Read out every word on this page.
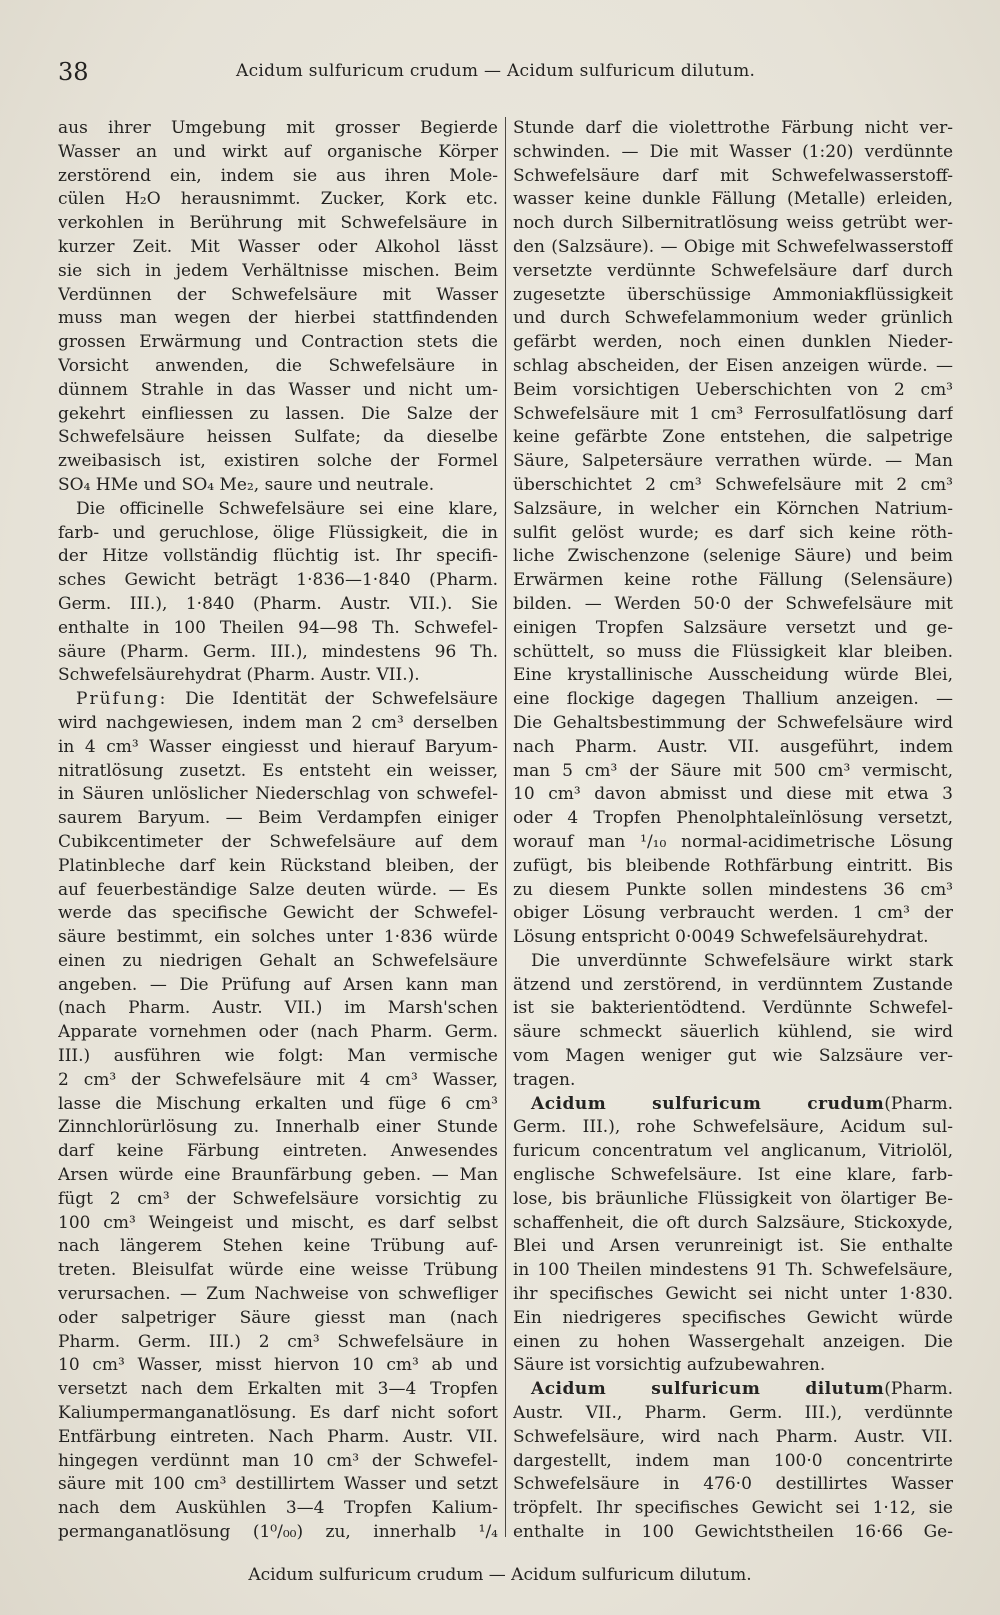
38	Acidum sulfuricum crudum — Acidum sulfuricum dilutum.
aus ihrer Umgebung mit grosser Begierde
Wasser an und wirkt auf organische Körper
zerstörend ein, indem sie aus ihren Mole-
cülen H₂O herausnimmt. Zucker, Kork etc.
verkohlen in Berührung mit Schwefelsäure in
kurzer Zeit. Mit Wasser oder Alkohol lässt
sie sich in jedem Verhältnisse mischen. Beim
Verdünnen der Schwefelsäure mit Wasser
muss man wegen der hierbei stattfindenden
grossen Erwärmung und Contraction stets die
Vorsicht anwenden, die Schwefelsäure in
dünnem Strahle in das Wasser und nicht um-
gekehrt einfliessen zu lassen. Die Salze der
Schwefelsäure heissen Sulfate; da dieselbe
zweibasisch ist, existiren solche der Formel
SO₄ HMe und SO₄ Me₂, saure und neutrale.
Die officinelle Schwefelsäure sei eine klare,
farb- und geruchlose, ölige Flüssigkeit, die in
der Hitze vollständig flüchtig ist. Ihr specifi-
sches Gewicht beträgt 1·836—1·840 (Pharm.
Germ. III.), 1·840 (Pharm. Austr. VII.). Sie
enthalte in 100 Theilen 94—98 Th. Schwefel-
säure (Pharm. Germ. III.), mindestens 96 Th.
Schwefelsäurehydrat (Pharm. Austr. VII.).
Prüfung: Die Identität der Schwefelsäure
wird nachgewiesen, indem man 2 cm³ derselben
in 4 cm³ Wasser eingiesst und hierauf Baryum-
nitratlösung zusetzt. Es entsteht ein weisser,
in Säuren unlöslicher Niederschlag von schwefel-
saurem Baryum. — Beim Verdampfen einiger
Cubikcentimeter der Schwefelsäure auf dem
Platinbleche darf kein Rückstand bleiben, der
auf feuerbeständige Salze deuten würde. — Es
werde das specifische Gewicht der Schwefel-
säure bestimmt, ein solches unter 1·836 würde
einen zu niedrigen Gehalt an Schwefelsäure
angeben. — Die Prüfung auf Arsen kann man
(nach Pharm. Austr. VII.) im Marsh'schen
Apparate vornehmen oder (nach Pharm. Germ.
III.) ausführen wie folgt: Man vermische
2 cm³ der Schwefelsäure mit 4 cm³ Wasser,
lasse die Mischung erkalten und füge 6 cm³
Zinnchlorürlösung zu. Innerhalb einer Stunde
darf keine Färbung eintreten. Anwesendes
Arsen würde eine Braunfärbung geben. — Man
fügt 2 cm³ der Schwefelsäure vorsichtig zu
100 cm³ Weingeist und mischt, es darf selbst
nach längerem Stehen keine Trübung auf-
treten. Bleisulfat würde eine weisse Trübung
verursachen. — Zum Nachweise von schwefliger
oder salpetriger Säure giesst man (nach
Pharm. Germ. III.) 2 cm³ Schwefelsäure in
10 cm³ Wasser, misst hiervon 10 cm³ ab und
versetzt nach dem Erkalten mit 3—4 Tropfen
Kaliumpermanganatlösung. Es darf nicht sofort
Entfärbung eintreten. Nach Pharm. Austr. VII.
hingegen verdünnt man 10 cm³ der Schwefel-
säure mit 100 cm³ destillirtem Wasser und setzt
nach dem Auskühlen 3—4 Tropfen Kalium-
permanganatlösung (1⁰/₀₀) zu, innerhalb ¹/₄
Stunde darf die violettrothe Färbung nicht ver-
schwinden. — Die mit Wasser (1:20) verdünnte
Schwefelsäure darf mit Schwefelwasserstoff-
wasser keine dunkle Fällung (Metalle) erleiden,
noch durch Silbernitratlösung weiss getrübt wer-
den (Salzsäure). — Obige mit Schwefelwasserstoff
versetzte verdünnte Schwefelsäure darf durch
zugesetzte überschüssige Ammoniakflüssigkeit
und durch Schwefelammonium weder grünlich
gefärbt werden, noch einen dunklen Nieder-
schlag abscheiden, der Eisen anzeigen würde. —
Beim vorsichtigen Ueberschichten von 2 cm³
Schwefelsäure mit 1 cm³ Ferrosulfatlösung darf
keine gefärbte Zone entstehen, die salpetrige
Säure, Salpetersäure verrathen würde. — Man
überschichtet 2 cm³ Schwefelsäure mit 2 cm³
Salzsäure, in welcher ein Körnchen Natrium-
sulfit gelöst wurde; es darf sich keine röth-
liche Zwischenzone (selenige Säure) und beim
Erwärmen keine rothe Fällung (Selensäure)
bilden. — Werden 50·0 der Schwefelsäure mit
einigen Tropfen Salzsäure versetzt und ge-
schüttelt, so muss die Flüssigkeit klar bleiben.
Eine krystallinische Ausscheidung würde Blei,
eine flockige dagegen Thallium anzeigen. —
Die Gehaltsbestimmung der Schwefelsäure wird
nach Pharm. Austr. VII. ausgeführt, indem
man 5 cm³ der Säure mit 500 cm³ vermischt,
10 cm³ davon abmisst und diese mit etwa 3
oder 4 Tropfen Phenolphtaleïnlösung versetzt,
worauf man ¹/₁₀ normal-acidimetrische Lösung
zufügt, bis bleibende Rothfärbung eintritt. Bis
zu diesem Punkte sollen mindestens 36 cm³
obiger Lösung verbraucht werden. 1 cm³ der
Lösung entspricht 0·0049 Schwefelsäurehydrat.
Die unverdünnte Schwefelsäure wirkt stark
ätzend und zerstörend, in verdünntem Zustande
ist sie bakterientödtend. Verdünnte Schwefel-
säure schmeckt säuerlich kühlend, sie wird
vom Magen weniger gut wie Salzsäure ver-
tragen.
Acidum sulfuricum crudum(Pharm.
Germ. III.), rohe Schwefelsäure, Acidum sul-
furicum concentratum vel anglicanum, Vitriolöl,
englische Schwefelsäure. Ist eine klare, farb-
lose, bis bräunliche Flüssigkeit von ölartiger Be-
schaffenheit, die oft durch Salzsäure, Stickoxyde,
Blei und Arsen verunreinigt ist. Sie enthalte
in 100 Theilen mindestens 91 Th. Schwefelsäure,
ihr specifisches Gewicht sei nicht unter 1·830.
Ein niedrigeres specifisches Gewicht würde
einen zu hohen Wassergehalt anzeigen. Die
Säure ist vorsichtig aufzubewahren.
Acidum sulfuricum dilutum(Pharm.
Austr. VII., Pharm. Germ. III.), verdünnte
Schwefelsäure, wird nach Pharm. Austr. VII.
dargestellt, indem man 100·0 concentrirte
Schwefelsäure in 476·0 destillirtes Wasser
tröpfelt. Ihr specifisches Gewicht sei 1·12, sie
enthalte in 100 Gewichtstheilen 16·66 Ge-
Acidum sulfuricum crudum — Acidum sulfuricum dilutum.
